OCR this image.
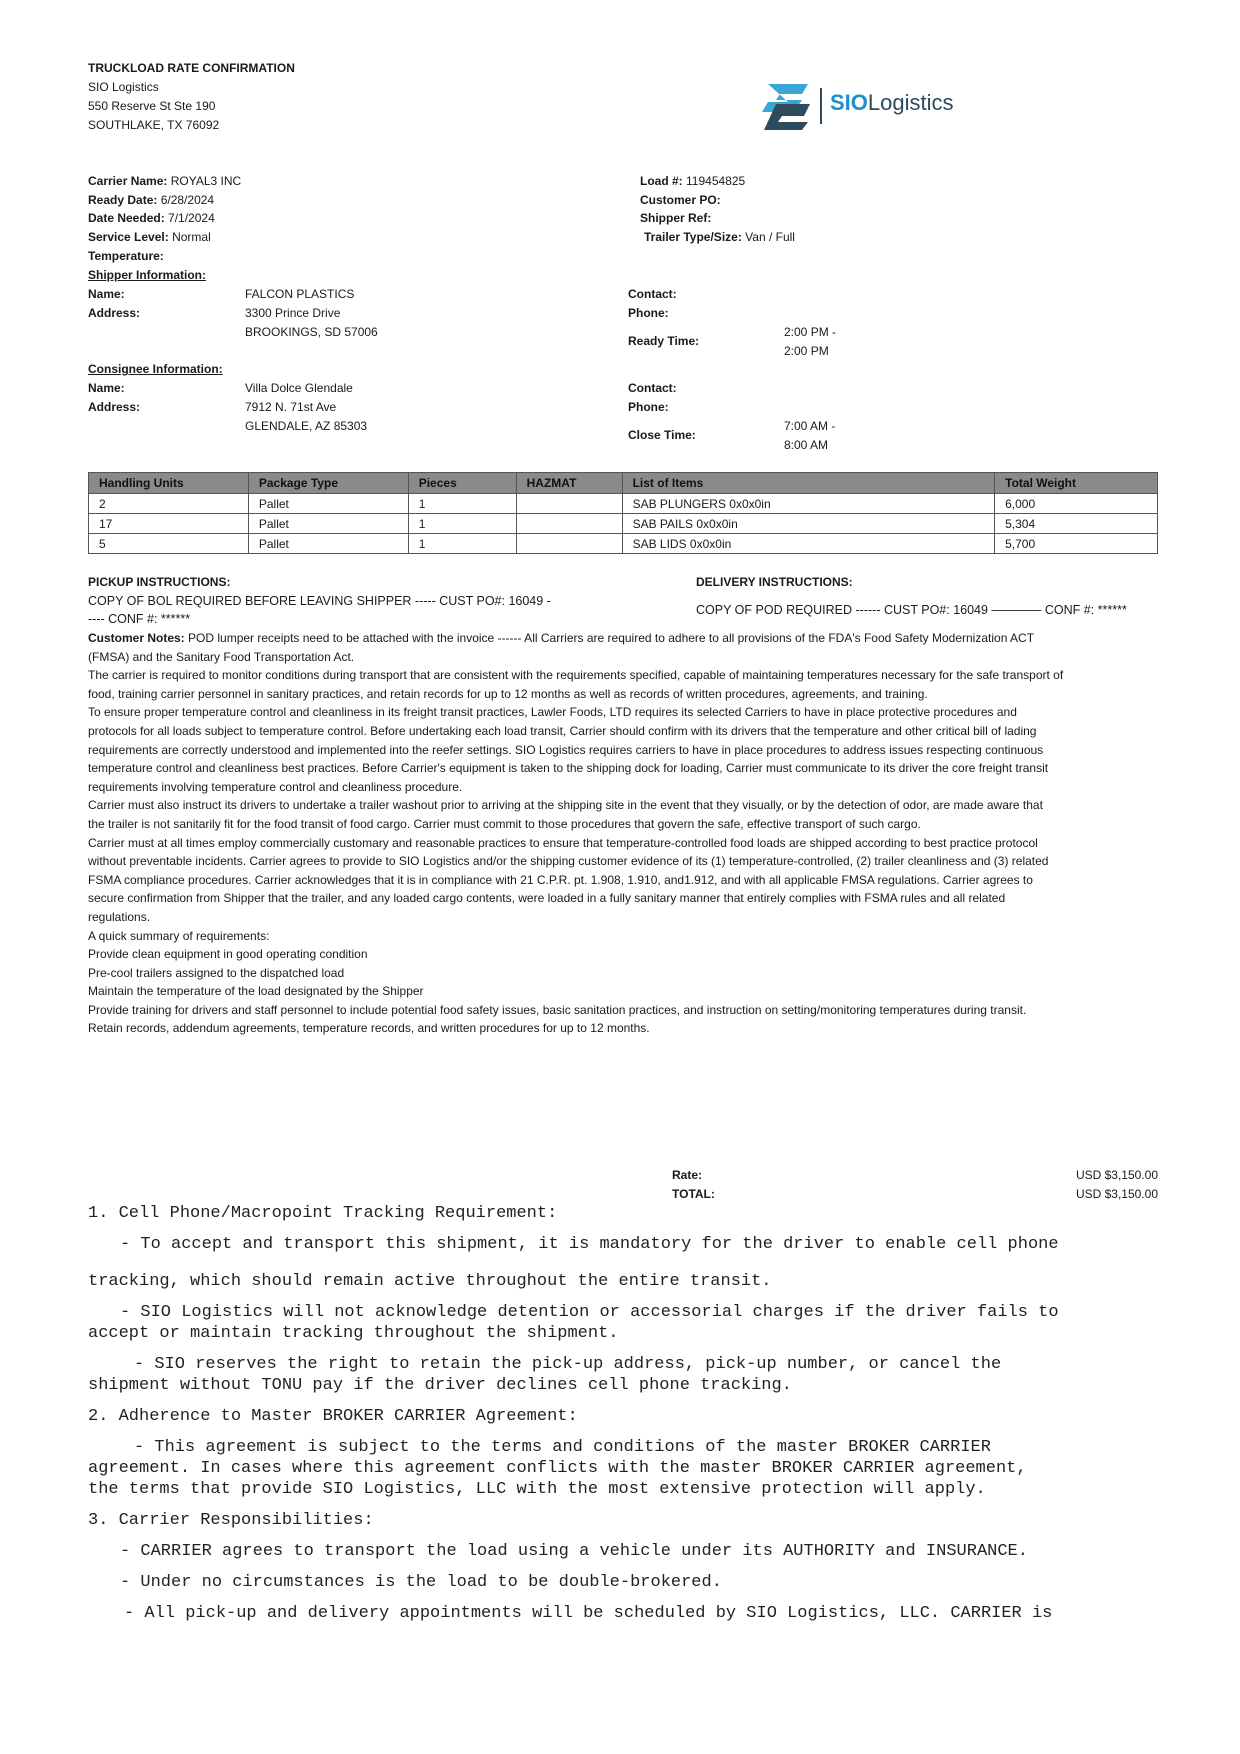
TRUCKLOAD RATE CONFIRMATION
SIO Logistics
550 Reserve St Ste 190
SOUTHLAKE, TX 76092
SIOLogistics
Carrier Name: ROYAL3 INC
Ready Date: 6/28/2024
Date Needed: 7/1/2024
Service Level: Normal
Temperature:
Load #: 119454825
Customer PO:
Shipper Ref:
Trailer Type/Size: Van / Full
Shipper Information:
Name:	FALCON PLASTICS
Address:	3300 Prince Drive
BROOKINGS, SD 57006
Contact:
Phone:
Ready Time:
2:00 PM -
2:00 PM
Consignee Information:
Name:	Villa Dolce Glendale
Address:	7912 N. 71st Ave
GLENDALE, AZ 85303
Contact:
Phone:
Close Time:
7:00 AM -
8:00 AM
Handling Units	Package Type	Pieces	HAZMAT	List of Items	Total Weight
2	Pallet	1		SAB PLUNGERS 0x0x0in	6,000
17	Pallet	1		SAB PAILS 0x0x0in	5,304
5	Pallet	1		SAB LIDS 0x0x0in	5,700
PICKUP INSTRUCTIONS:
COPY OF BOL REQUIRED BEFORE LEAVING SHIPPER ----- CUST PO#: 16049 -
---- CONF #: ******
DELIVERY INSTRUCTIONS:
COPY OF POD REQUIRED ------ CUST PO#: 16049 ———— CONF #: ******

Customer Notes: POD lumper receipts need to be attached with the invoice ------ All Carriers are required to adhere to all provisions of the FDA's Food Safety Modernization ACT

(FMSA) and the Sanitary Food Transportation Act.

The carrier is required to monitor conditions during transport that are consistent with the requirements specified, capable of maintaining temperatures necessary for the safe transport of

food, training carrier personnel in sanitary practices, and retain records for up to 12 months as well as records of written procedures, agreements, and training.

To ensure proper temperature control and cleanliness in its freight transit practices, Lawler Foods, LTD requires its selected Carriers to have in place protective procedures and

protocols for all loads subject to temperature control. Before undertaking each load transit, Carrier should confirm with its drivers that the temperature and other critical bill of lading

requirements are correctly understood and implemented into the reefer settings. SIO Logistics requires carriers to have in place procedures to address issues respecting continuous

temperature control and cleanliness best practices. Before Carrier's equipment is taken to the shipping dock for loading, Carrier must communicate to its driver the core freight transit

requirements involving temperature control and cleanliness procedure.

Carrier must also instruct its drivers to undertake a trailer washout prior to arriving at the shipping site in the event that they visually, or by the detection of odor, are made aware that

the trailer is not sanitarily fit for the food transit of food cargo. Carrier must commit to those procedures that govern the safe, effective transport of such cargo.

Carrier must at all times employ commercially customary and reasonable practices to ensure that temperature-controlled food loads are shipped according to best practice protocol

without preventable incidents. Carrier agrees to provide to SIO Logistics and/or the shipping customer evidence of its (1) temperature-controlled, (2) trailer cleanliness and (3) related

FSMA compliance procedures. Carrier acknowledges that it is in compliance with 21 C.P.R. pt. 1.908, 1.910, and1.912, and with all applicable FMSA regulations. Carrier agrees to

secure confirmation from Shipper that the trailer, and any loaded cargo contents, were loaded in a fully sanitary manner that entirely complies with FSMA rules and all related

regulations.

A quick summary of requirements:

Provide clean equipment in good operating condition

Pre-cool trailers assigned to the dispatched load

Maintain the temperature of the load designated by the Shipper

Provide training for drivers and staff personnel to include potential food safety issues, basic sanitation practices, and instruction on setting/monitoring temperatures during transit.

Retain records, addendum agreements, temperature records, and written procedures for up to 12 months.

Rate:	USD $3,150.00
TOTAL:	USD $3,150.00

1. Cell Phone/Macropoint Tracking Requirement:

- To accept and transport this shipment, it is mandatory for the driver to enable cell phone

tracking, which should remain active throughout the entire transit.

- SIO Logistics will not acknowledge detention or accessorial charges if the driver fails to

accept or maintain tracking throughout the shipment.

- SIO reserves the right to retain the pick-up address, pick-up number, or cancel the

shipment without TONU pay if the driver declines cell phone tracking.

2. Adherence to Master BROKER CARRIER Agreement:

- This agreement is subject to the terms and conditions of the master BROKER CARRIER

agreement. In cases where this agreement conflicts with the master BROKER CARRIER agreement,

the terms that provide SIO Logistics, LLC with the most extensive protection will apply.

3. Carrier Responsibilities:

- CARRIER agrees to transport the load using a vehicle under its AUTHORITY and INSURANCE.

- Under no circumstances is the load to be double-brokered.

- All pick-up and delivery appointments will be scheduled by SIO Logistics, LLC. CARRIER is
